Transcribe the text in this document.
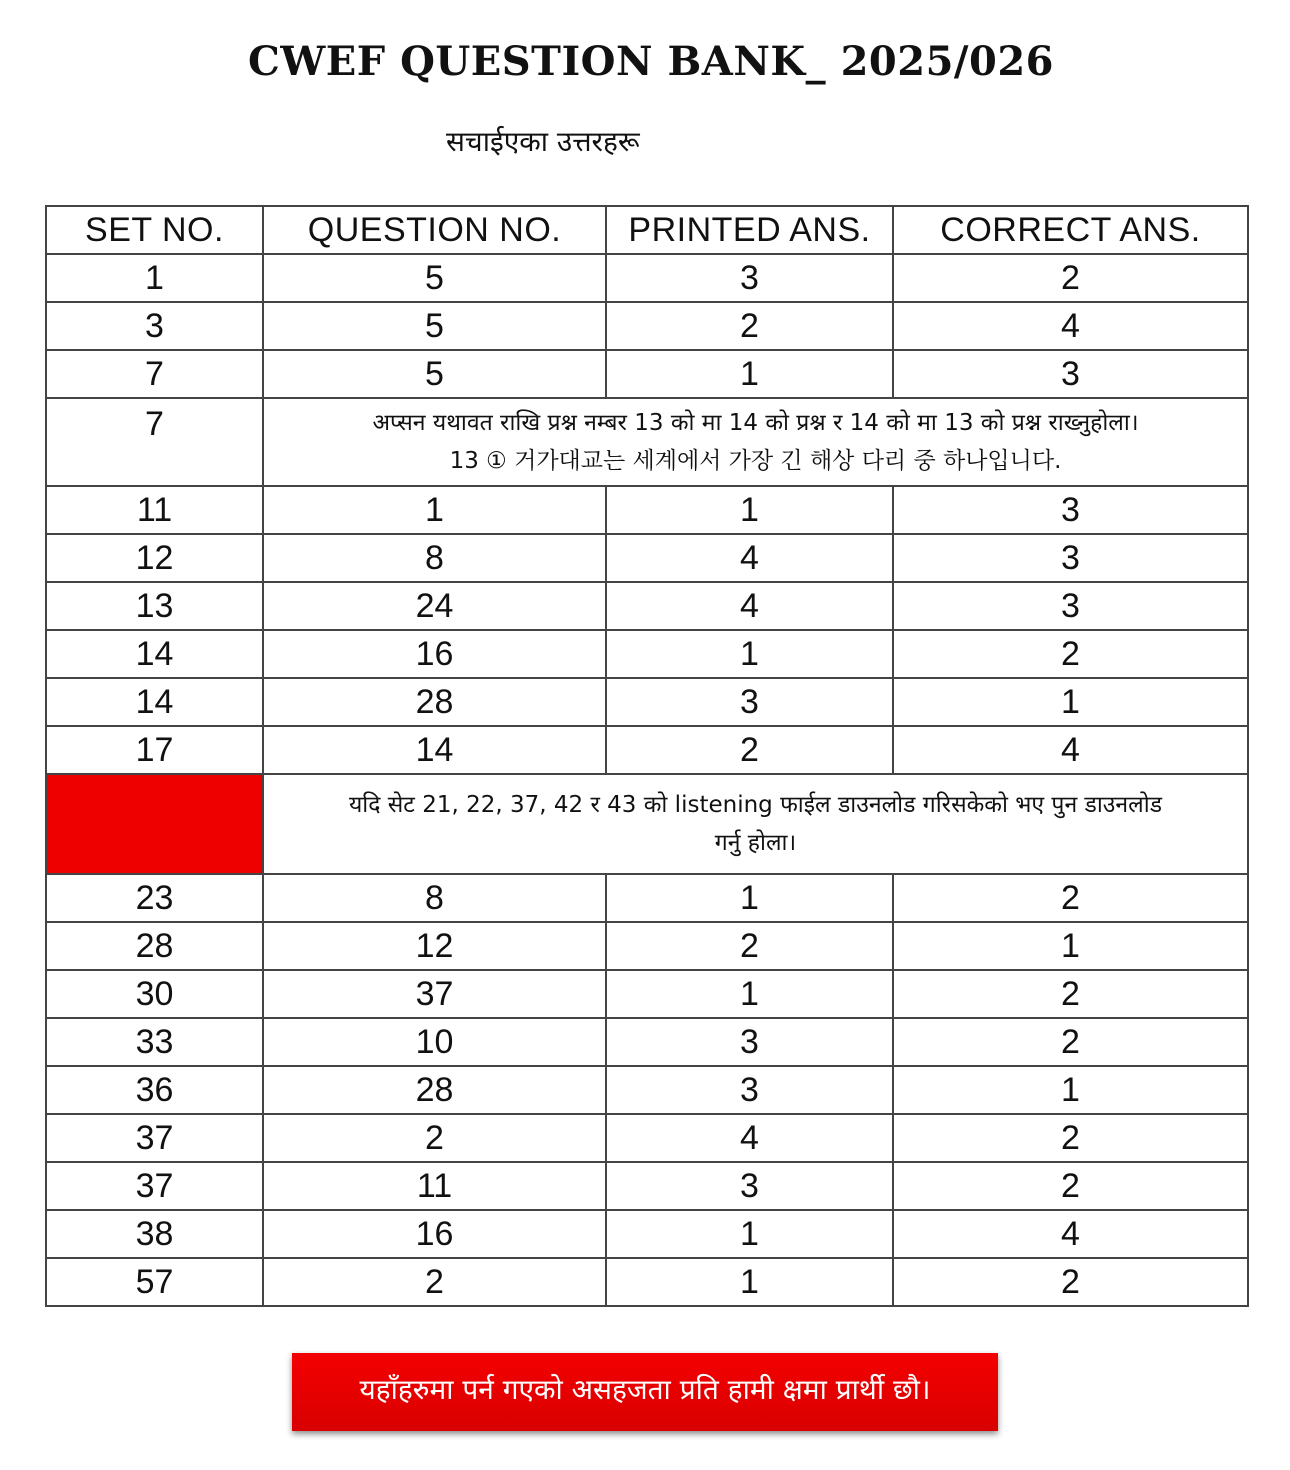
CWEF QUESTION BANK_ 2025/026
सचाईएका उत्तरहरू
SET NO.	QUESTION NO.	PRINTED ANS.	CORRECT ANS.
1	5	3	2
3	5	2	4
7	5	1	3
7	अप्सन यथावत राखि प्रश्न नम्बर 13 को मा 14 को प्रश्न र 14 को मा 13 को प्रश्न राख्नुहोला।
13 ① 거가대교는 세계에서 가장 긴 해상 다리 중 하나입니다.		

11	1	1	3
12	8	4	3
13	24	4	3
14	16	1	2
14	28	3	1
17	14	2	4

	यदि सेट 21, 22, 37, 42 र 43 को listening फाईल डाउनलोड गरिसकेको भए पुन डाउनलोड
गर्नु होला।		

23	8	1	2
28	12	2	1
30	37	1	2
33	10	3	2
36	28	3	1
37	2	4	2
37	11	3	2
38	16	1	4
57	2	1	2
यहाँहरुमा पर्न गएको असहजता प्रति हामी क्षमा प्रार्थी छौ।
